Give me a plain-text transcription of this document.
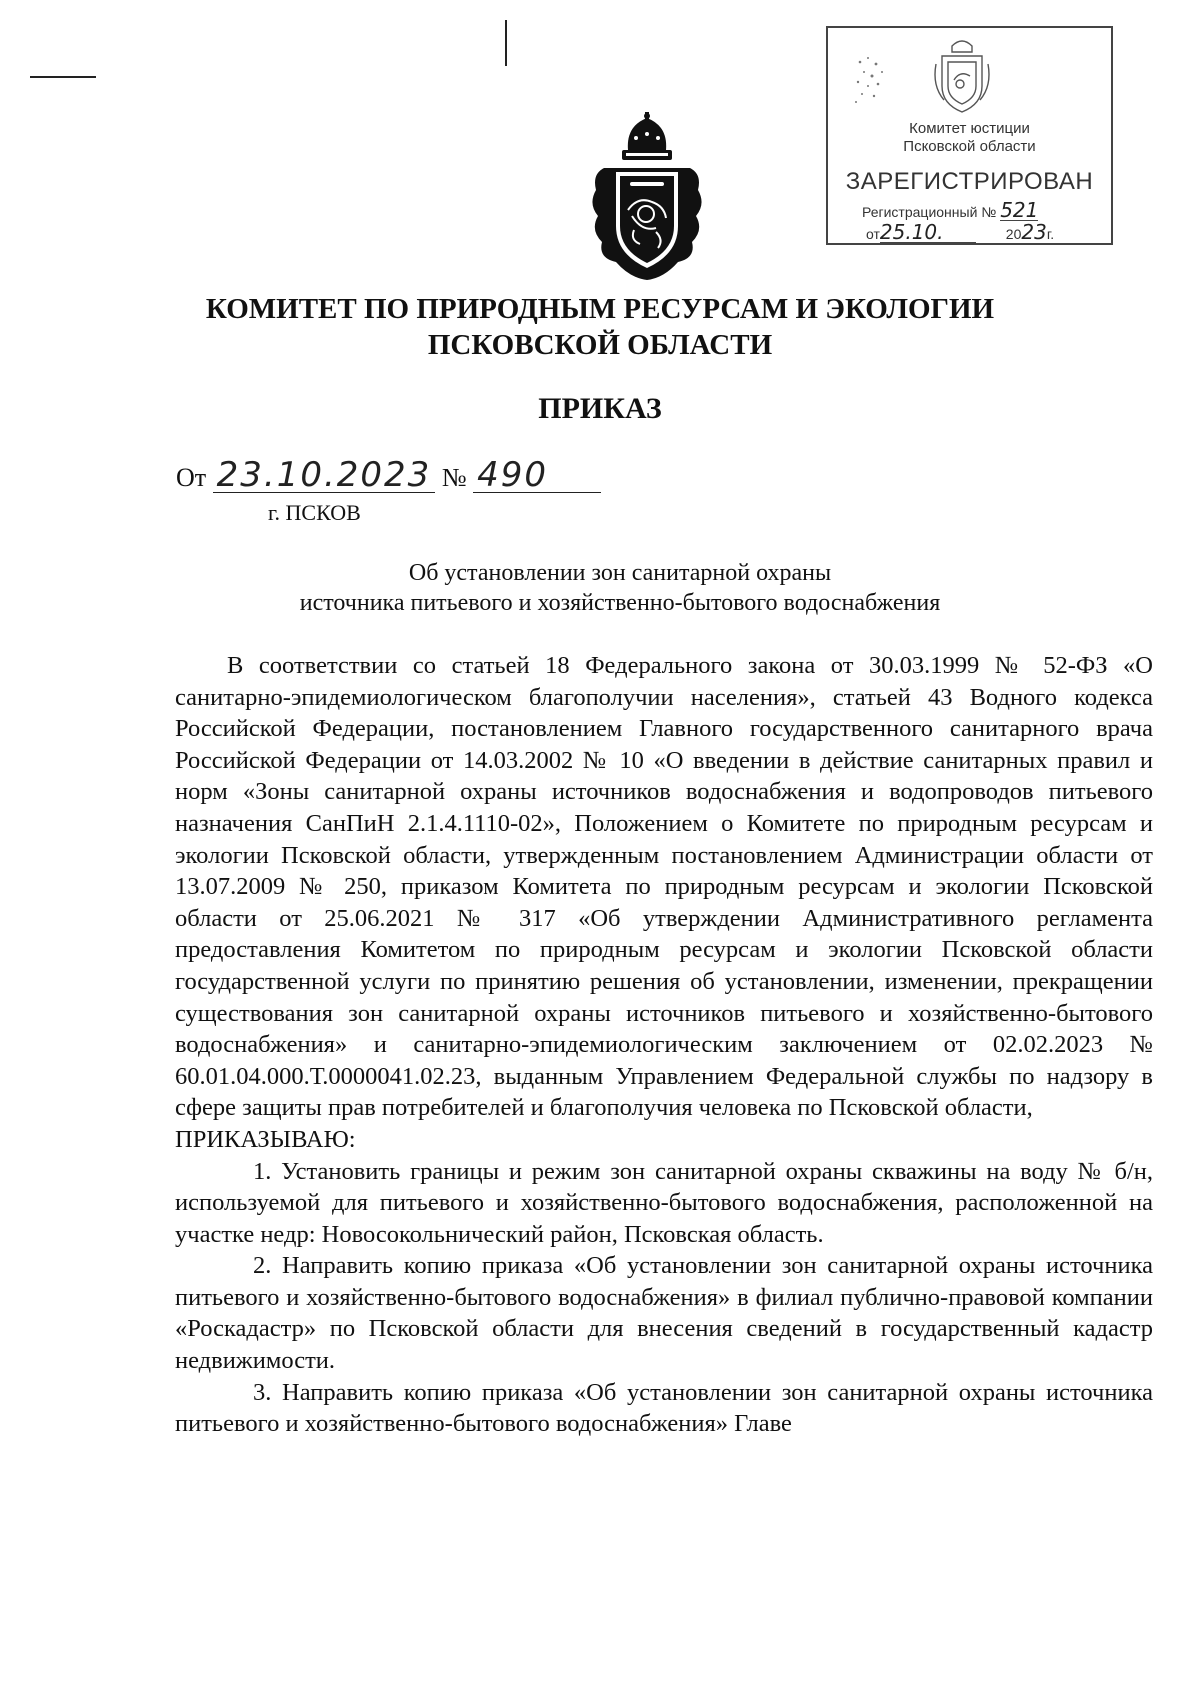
Комитет юстиции
Псковской области
ЗАРЕГИСТРИРОВАН
Регистрационный № 521
от25.10.	2023г.
КОМИТЕТ ПО ПРИРОДНЫМ РЕСУРСАМ И ЭКОЛОГИИ
ПСКОВСКОЙ ОБЛАСТИ
ПРИКАЗ
От 23.10.2023 № 490
г. ПСКОВ
Об установлении зон санитарной охраны
источника питьевого и хозяйственно-бытового водоснабжения

В соответствии со статьей 18 Федерального закона от 30.03.1999 № 52-ФЗ «О санитарно-эпидемиологическом благополучии населения», статьей 43 Водного кодекса Российской Федерации, постановлением Главного государственного санитарного врача Российской Федерации от 14.03.2002 № 10 «О введении в действие санитарных правил и норм «Зоны санитарной охраны источников водоснабжения и водопроводов питьевого назначения СанПиН 2.1.4.1110-02», Положением о Комитете по природным ресурсам и экологии Псковской области, утвержденным постановлением Администрации области от 13.07.2009 № 250, приказом Комитета по природным ресурсам и экологии Псковской области от 25.06.2021 № 317 «Об утверждении Административного регламента предоставления Комитетом по природным ресурсам и экологии Псковской области государственной услуги по принятию решения об установлении, изменении, прекращении существования зон санитарной охраны источников питьевого и хозяйственно-бытового водоснабжения» и санитарно-эпидемиологическим заключением от 02.02.2023 № 60.01.04.000.Т.0000041.02.23, выданным Управлением Федеральной службы по надзору в сфере защиты прав потребителей и благополучия человека по Псковской области,

ПРИКАЗЫВАЮ:

1. Установить границы и режим зон санитарной охраны скважины на воду № б/н, используемой для питьевого и хозяйственно-бытового водоснабжения, расположенной на участке недр: Новосокольнический район, Псковская область.

2. Направить копию приказа «Об установлении зон санитарной охраны источника питьевого и хозяйственно-бытового водоснабжения» в филиал публично-правовой компании «Роскадастр» по Псковской области для внесения сведений в государственный кадастр недвижимости.

3. Направить копию приказа «Об установлении зон санитарной охраны источника питьевого и хозяйственно-бытового водоснабжения» Главе
